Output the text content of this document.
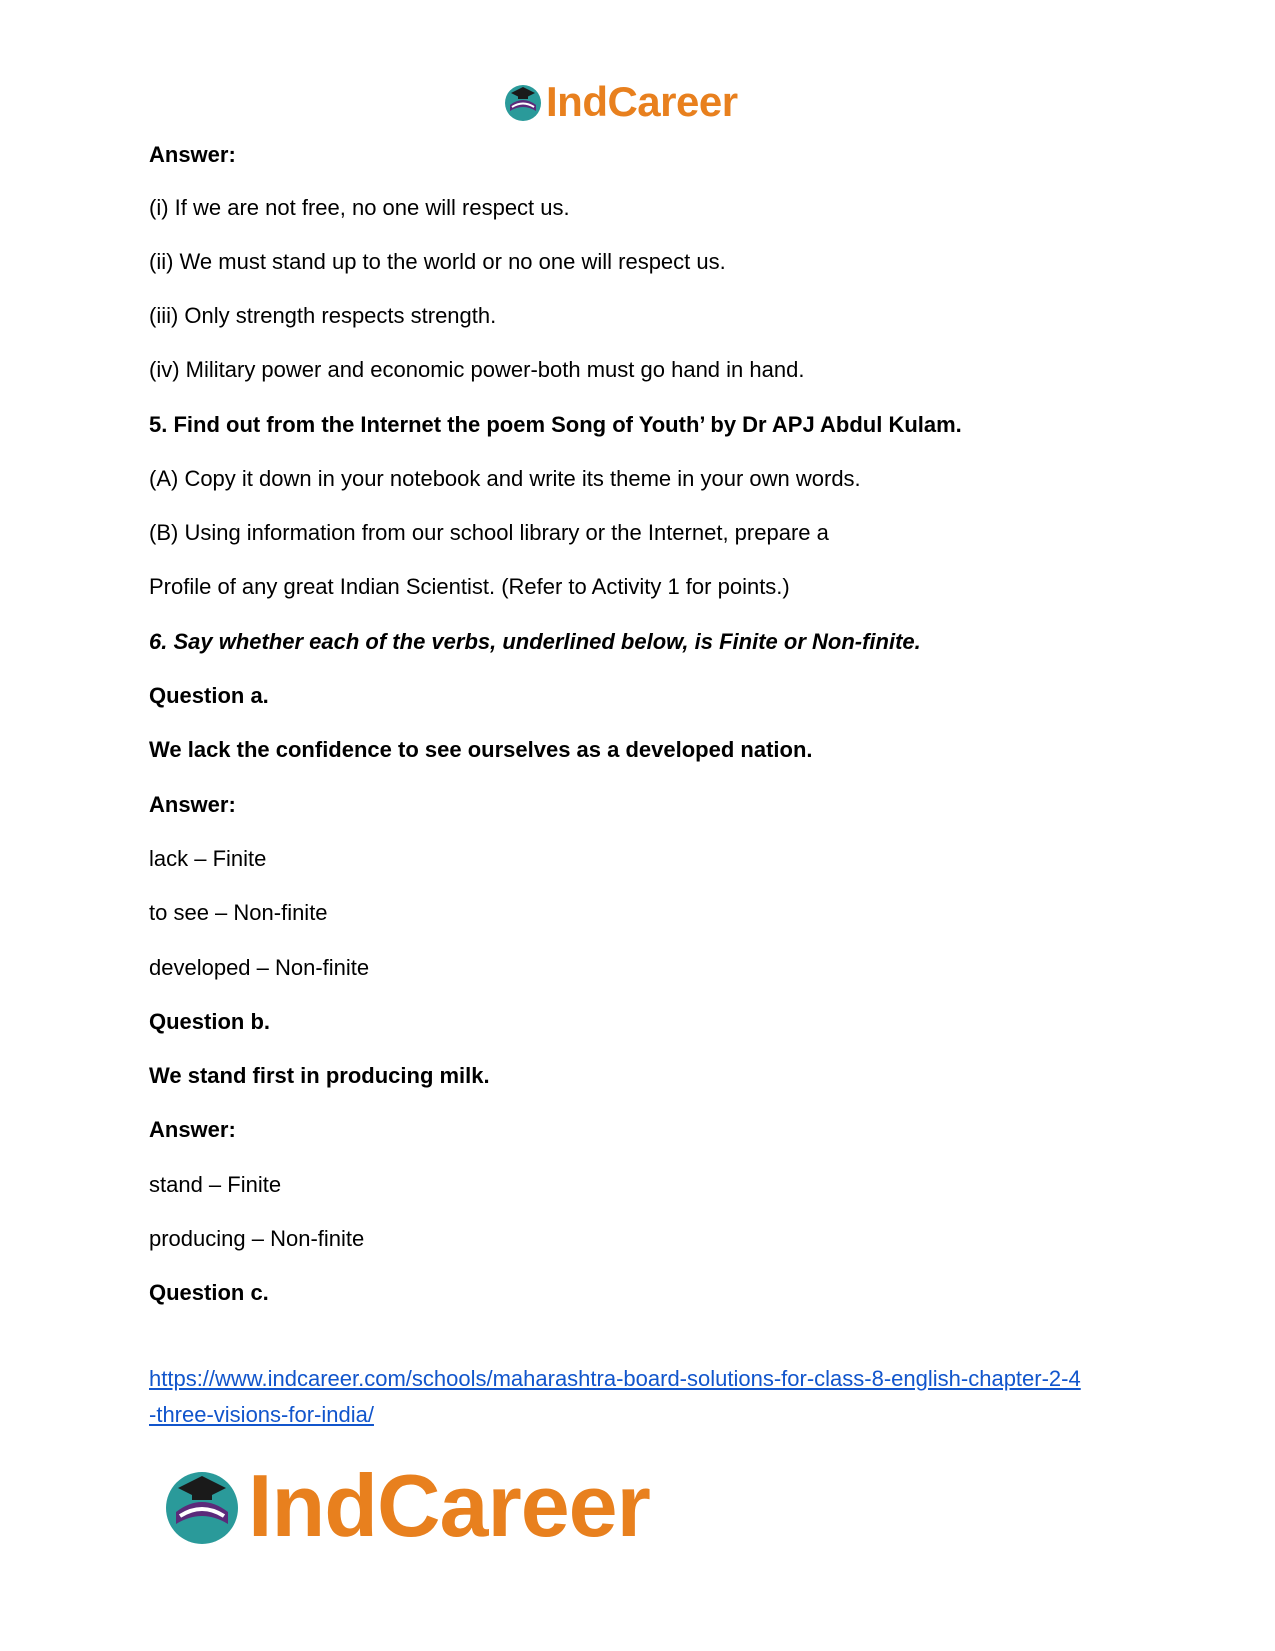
IndCareer
Answer:
(i) If we are not free, no one will respect us.
(ii) We must stand up to the world or no one will respect us.
(iii) Only strength respects strength.
(iv) Military power and economic power-both must go hand in hand.
5. Find out from the Internet the poem Song of Youth’ by Dr APJ Abdul Kulam.
(A) Copy it down in your notebook and write its theme in your own words.
(B) Using information from our school library or the Internet, prepare a
Profile of any great Indian Scientist. (Refer to Activity 1 for points.)
6. Say whether each of the verbs, underlined below, is Finite or Non-finite.
Question a.
We lack the confidence to see ourselves as a developed nation.
Answer:
lack – Finite
to see – Non-finite
developed – Non-finite
Question b.
We stand first in producing milk.
Answer:
stand – Finite
producing – Non-finite
Question c.
https://www.indcareer.com/schools/maharashtra-board-solutions-for-class-8-english-chapter-2-4
-three-visions-for-india/
IndCareer
